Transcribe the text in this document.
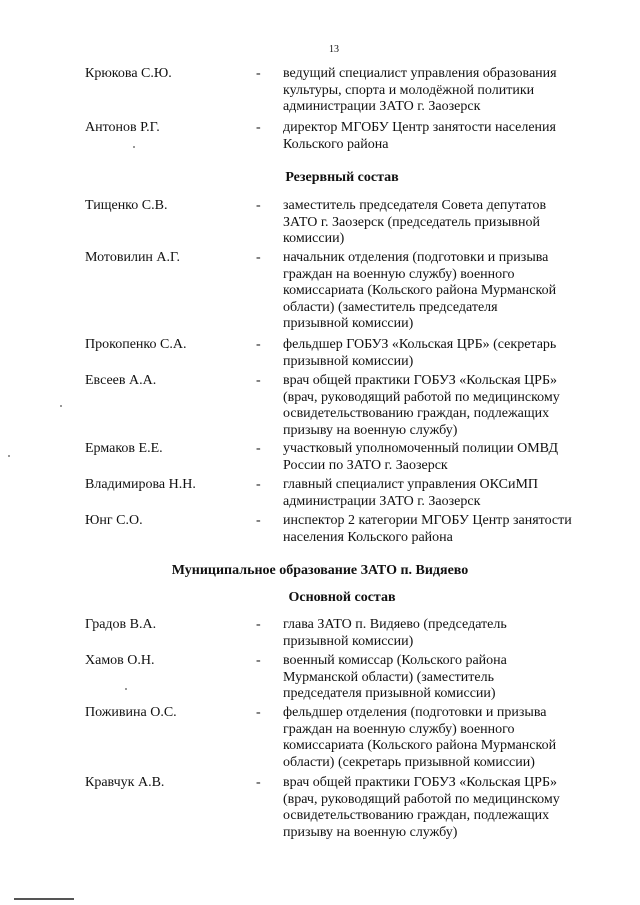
13
Крюкова С.Ю.	- ведущий специалист управления образования
культуры, спорта и молодёжной политики
администрации ЗАТО г. Заозерск
Антонов Р.Г.	- директор МГОБУ Центр занятости населения
Кольского района
Резервный состав
Тищенко С.В.	- заместитель председателя Совета депутатов
ЗАТО г. Заозерск (председатель призывной
комиссии)
Мотовилин А.Г.	- начальник отделения (подготовки и призыва
граждан на военную службу) военного
комиссариата (Кольского района Мурманской
области) (заместитель председателя
призывной комиссии)
Прокопенко С.А.	- фельдшер ГОБУЗ «Кольская ЦРБ» (секретарь
призывной комиссии)
Евсеев А.А.	- врач общей практики ГОБУЗ «Кольская ЦРБ»
(врач, руководящий работой по медицинскому
освидетельствованию граждан, подлежащих
призыву на военную службу)
Ермаков Е.Е.	- участковый уполномоченный полиции ОМВД
России по ЗАТО г. Заозерск
Владимирова Н.Н.	- главный специалист управления ОКСиМП
администрации ЗАТО г. Заозерск
Юнг С.О.	- инспектор 2 категории МГОБУ Центр занятости
населения Кольского района
Муниципальное образование ЗАТО п. Видяево
Основной состав
Градов В.А.	- глава ЗАТО п. Видяево (председатель
призывной комиссии)
Хамов О.Н.	- военный комиссар (Кольского района
Мурманской области) (заместитель
председателя призывной комиссии)
Поживина О.С.	- фельдшер отделения (подготовки и призыва
граждан на военную службу) военного
комиссариата (Кольского района Мурманской
области) (секретарь призывной комиссии)
Кравчук А.В.	- врач общей практики ГОБУЗ «Кольская ЦРБ»
(врач, руководящий работой по медицинскому
освидетельствованию граждан, подлежащих
призыву на военную службу)
